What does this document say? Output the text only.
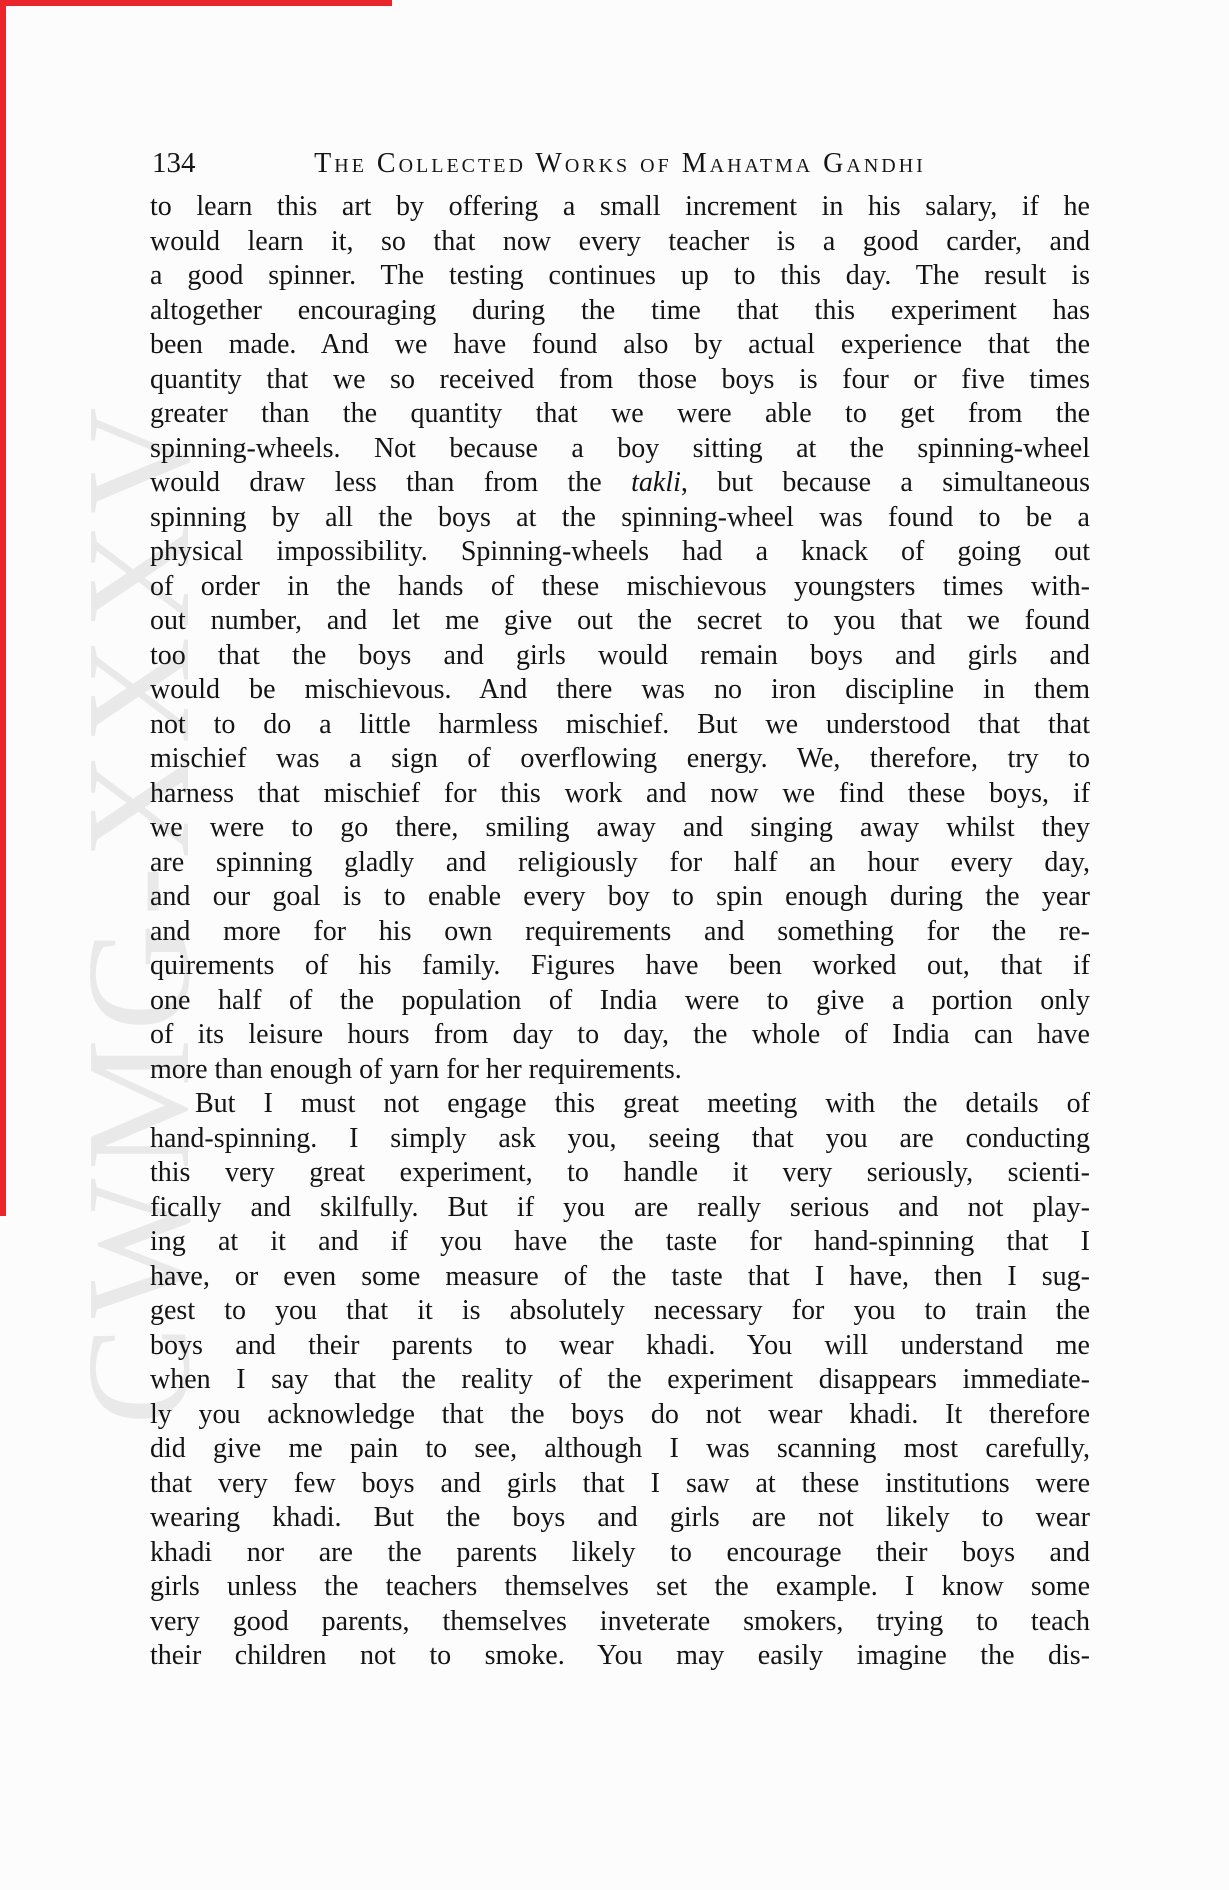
CWMG-XXXV
134	The Collected Works of Mahatma Gandhi
to learn this art by offering a small increment in his salary, if he
would learn it, so that now every teacher is a good carder, and
a good spinner. The testing continues up to this day. The result is
altogether encouraging during the time that this experiment has
been made. And we have found also by actual experience that the
quantity that we so received from those boys is four or five times
greater than the quantity that we were able to get from the
spinning-wheels. Not because a boy sitting at the spinning-wheel
would draw less than from the takli, but because a simultaneous
spinning by all the boys at the spinning-wheel was found to be a
physical impossibility. Spinning-wheels had a knack of going out
of order in the hands of these mischievous youngsters times with-
out number, and let me give out the secret to you that we found
too that the boys and girls would remain boys and girls and
would be mischievous. And there was no iron discipline in them
not to do a little harmless mischief. But we understood that that
mischief was a sign of overflowing energy. We, therefore, try to
harness that mischief for this work and now we find these boys, if
we were to go there, smiling away and singing away whilst they
are spinning gladly and religiously for half an hour every day,
and our goal is to enable every boy to spin enough during the year
and more for his own requirements and something for the re-
quirements of his family. Figures have been worked out, that if
one half of the population of India were to give a portion only
of its leisure hours from day to day, the whole of India can have
more than enough of yarn for her requirements.
But I must not engage this great meeting with the details of
hand-spinning. I simply ask you, seeing that you are conducting
this very great experiment, to handle it very seriously, scienti-
fically and skilfully. But if you are really serious and not play-
ing at it and if you have the taste for hand-spinning that I
have, or even some measure of the taste that I have, then I sug-
gest to you that it is absolutely necessary for you to train the
boys and their parents to wear khadi. You will understand me
when I say that the reality of the experiment disappears immediate-
ly you acknowledge that the boys do not wear khadi. It therefore
did give me pain to see, although I was scanning most carefully,
that very few boys and girls that I saw at these institutions were
wearing khadi. But the boys and girls are not likely to wear
khadi nor are the parents likely to encourage their boys and
girls unless the teachers themselves set the example. I know some
very good parents, themselves inveterate smokers, trying to teach
their children not to smoke. You may easily imagine the dis-
